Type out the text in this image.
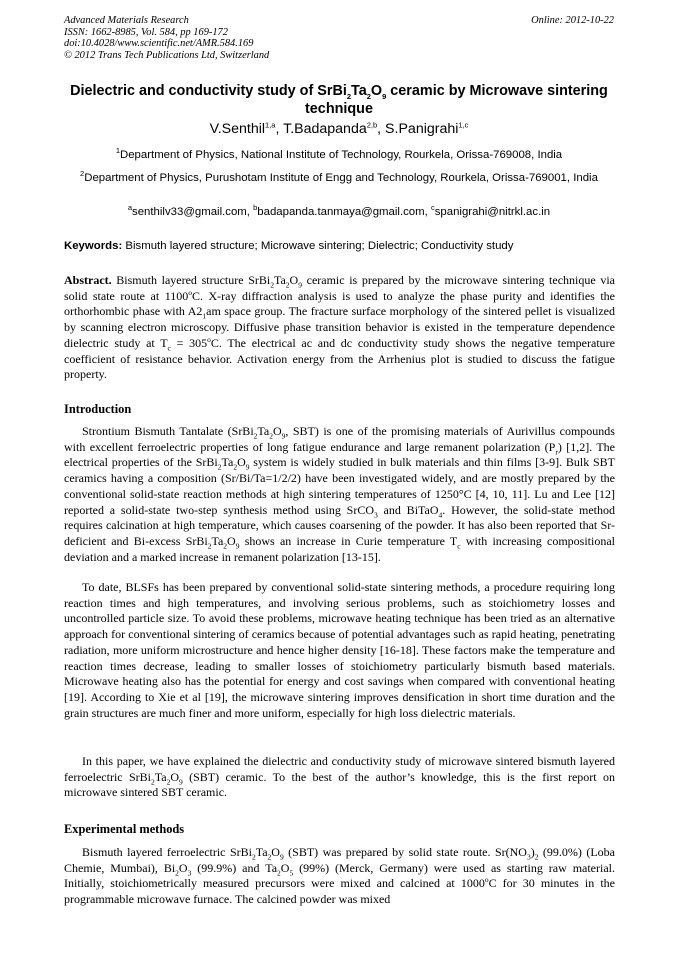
Advanced Materials Research
ISSN: 1662-8985, Vol. 584, pp 169-172
doi:10.4028/www.scientific.net/AMR.584.169
© 2012 Trans Tech Publications Ltd, Switzerland
Online: 2012-10-22
Dielectric and conductivity study of $SrBi_2Ta_2O_9$ ceramic by Microwave sintering technique
V.Senthil$^{1,a}$, T.Badapanda$^{2,b}$, S.Panigrahi$^{1,c}$
$^1$Department of Physics, National Institute of Technology, Rourkela, Orissa-769008, India
$^2$Department of Physics, Purushotam Institute of Engg and Technology, Rourkela, Orissa-769001, India
$^a$senthilv33@gmail.com, $^b$badapanda.tanmaya@gmail.com, $^c$spanigrahi@nitrkl.ac.in
Keywords: Bismuth layered structure; Microwave sintering; Dielectric; Conductivity study

Abstract. Bismuth layered structure $SrBi_2Ta_2O_9$ ceramic is prepared by the microwave sintering technique via solid state route at 1100$^o$C. X-ray diffraction analysis is used to analyze the phase purity and identifies the orthorhombic phase with $A2_1am$ space group. The fracture surface morphology of the sintered pellet is visualized by scanning electron microscopy. Diffusive phase transition behavior is existed in the temperature dependence dielectric study at $T_c = 305^oC$. The electrical ac and dc conductivity study shows the negative temperature coefficient of resistance behavior. Activation energy from the Arrhenius plot is studied to discuss the fatigue property.

Introduction

Strontium Bismuth Tantalate ($SrBi_2Ta_2O_9$, SBT) is one of the promising materials of Aurivillus compounds with excellent ferroelectric properties of long fatigue endurance and large remanent polarization $(P_r)$ [1,2]. The electrical properties of the $SrBi_2Ta_2O_9$ system is widely studied in bulk materials and thin films [3-9]. Bulk SBT ceramics having a composition (Sr/Bi/Ta=1/2/2) have been investigated widely, and are mostly prepared by the conventional solid-state reaction methods at high sintering temperatures of 1250°C [4, 10, 11]. Lu and Lee [12] reported a solid-state two-step synthesis method using SrCO$_3$ and BiTaO$_4$. However, the solid-state method requires calcination at high temperature, which causes coarsening of the powder. It has also been reported that Sr-deficient and Bi-excess $SrBi_2Ta_2O_9$ shows an increase in Curie temperature $T_c$ with increasing compositional deviation and a marked increase in remanent polarization [13-15].

To date, BLSFs has been prepared by conventional solid-state sintering methods, a procedure requiring long reaction times and high temperatures, and involving serious problems, such as stoichiometry losses and uncontrolled particle size. To avoid these problems, microwave heating technique has been tried as an alternative approach for conventional sintering of ceramics because of potential advantages such as rapid heating, penetrating radiation, more uniform microstructure and hence higher density [16-18]. These factors make the temperature and reaction times decrease, leading to smaller losses of stoichiometry particularly bismuth based materials. Microwave heating also has the potential for energy and cost savings when compared with conventional heating [19]. According to Xie et al [19], the microwave sintering improves densification in short time duration and the grain structures are much finer and more uniform, especially for high loss dielectric materials.

In this paper, we have explained the dielectric and conductivity study of microwave sintered bismuth layered ferroelectric $SrBi_2Ta_2O_9$ (SBT) ceramic. To the best of the author’s knowledge, this is the first report on microwave sintered SBT ceramic.

Experimental methods

Bismuth layered ferroelectric $SrBi_2Ta_2O_9$ (SBT) was prepared by solid state route. $Sr(NO_3)_2$ (99.0%) (Loba Chemie, Mumbai), $Bi_2O_3$ (99.9%) and $Ta_2O_5$ (99%) (Merck, Germany) were used as starting raw material. Initially, stoichiometrically measured precursors were mixed and calcined at 1000$^o$C for 30 minutes in the programmable microwave furnace. The calcined powder was mixed
